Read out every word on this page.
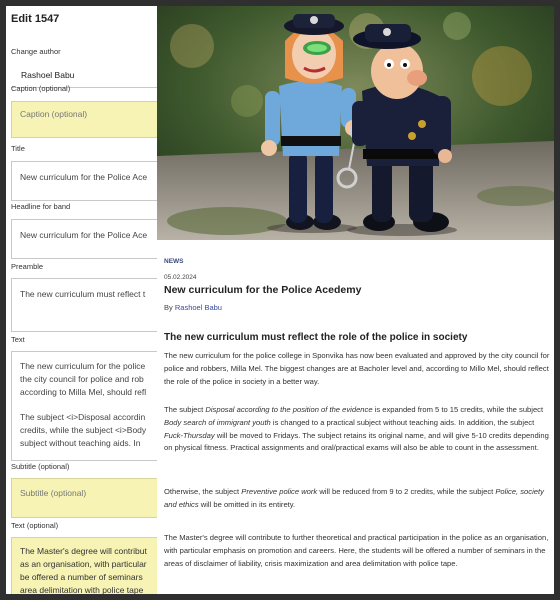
Edit 1547
Change author
Rashoel Babu
Caption (optional)
Caption (optional)
Title
New curriculum for the Police Ace
Headline for band
New curriculum for the Police Ace
Preamble
The new curriculum must reflect t
Text
The new curriculum for the police
the city council for police and rob
according to Milla Mel, should refl
The subject <i>Disposal accordin
credits, while the subject <i>Body
subject without teaching aids. In
Subtitle (optional)
Subtitle (optional)
Text (optional)
The Master's degree will contribut
as an organisation, with particular
be offered a number of seminars
area delimitation with police tape
NEWS
05.02.2024
New curriculum for the Police Acedemy
By Rashoel Babu
The new curriculum must reflect the role of the police in society
The new curriculum for the police college in Sponvika has now been evaluated and approved by the city council for police and robbers, Milla Mel. The biggest changes are at BachoIer level and, according to Millo Mel, should reflect the role of the police in society in a better way.
The subject Disposal according to the position of the evidence is expanded from 5 to 15 credits, while the subject Body search of immigrant youth is changed to a practical subject without teaching aids. In addition, the subject Fuck-Thursday will be moved to Fridays. The subject retains its original name, and will give 5-10 credits depending on physical fitness. Practical assignments and oral/practical exams will also be able to count in the assessment.
Otherwise, the subject Preventive police work will be reduced from 9 to 2 credits, while the subject Police, society and ethics will be omitted in its entirety.
The Master's degree will contribute to further theoretical and practical participation in the police as an organisation, with particular emphasis on promotion and careers. Here, the students will be offered a number of seminars in the areas of disclaimer of liability, crisis maximization and area delimitation with police tape.
